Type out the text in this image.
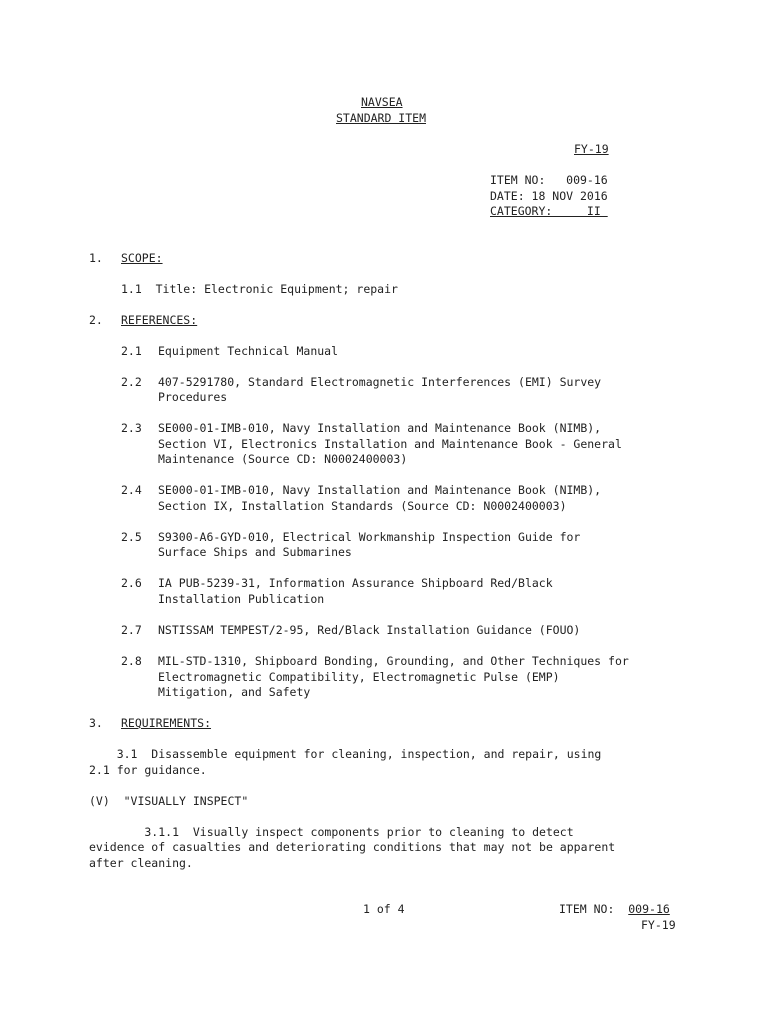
NAVSEA
STANDARD ITEM
FY-19
ITEM NO:   009-16
DATE: 18 NOV 2016
CATEGORY:     II
1. SCOPE:
1.1  Title: Electronic Equipment; repair
2. REFERENCES:
2.1 Equipment Technical Manual
2.2 407-5291780, Standard Electromagnetic Interferences (EMI) Survey
Procedures
2.3 SE000-01-IMB-010, Navy Installation and Maintenance Book (NIMB),
Section VI, Electronics Installation and Maintenance Book - General
Maintenance (Source CD: N0002400003)
2.4 SE000-01-IMB-010, Navy Installation and Maintenance Book (NIMB),
Section IX, Installation Standards (Source CD: N0002400003)
2.5 S9300-A6-GYD-010, Electrical Workmanship Inspection Guide for
Surface Ships and Submarines
2.6 IA PUB-5239-31, Information Assurance Shipboard Red/Black
Installation Publication
2.7 NSTISSAM TEMPEST/2-95, Red/Black Installation Guidance (FOUO)
2.8 MIL-STD-1310, Shipboard Bonding, Grounding, and Other Techniques for
Electromagnetic Compatibility, Electromagnetic Pulse (EMP)
Mitigation, and Safety
3. REQUIREMENTS:
3.1  Disassemble equipment for cleaning, inspection, and repair, using
2.1 for guidance.
(V)  "VISUALLY INSPECT"
3.1.1  Visually inspect components prior to cleaning to detect
evidence of casualties and deteriorating conditions that may not be apparent
after cleaning.
1 of 4	ITEM NO:  009-16
FY-19
